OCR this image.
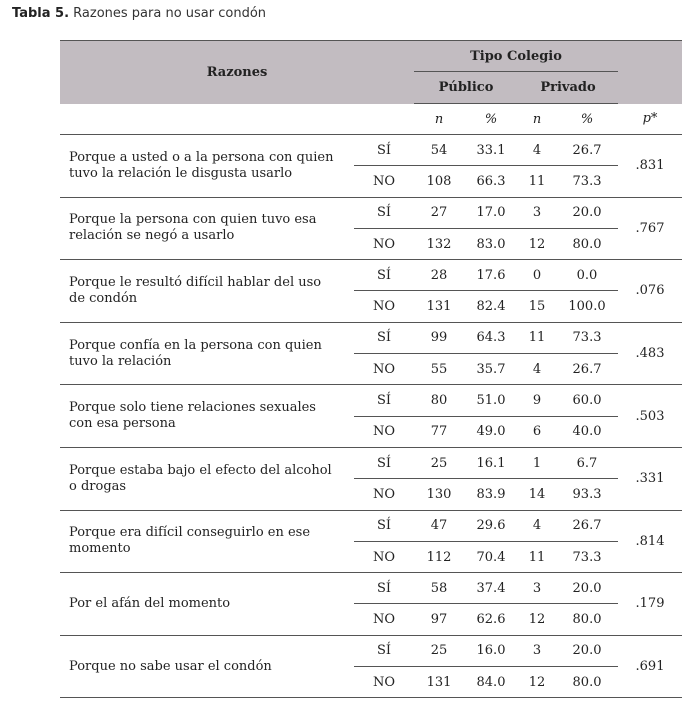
Tabla 5. Razones para no usar condón
Razones		Tipo Colegio				
		Público		Privado		
		n	%	n	%	p*
Porque a usted o a la persona con quien tuvo la relación le disgusta usarlo	SÍ	54	33.1	4	26.7	.831
	NO	108	66.3	11	73.3	
Porque la persona con quien tuvo esa relación se negó a usarlo	SÍ	27	17.0	3	20.0	.767
	NO	132	83.0	12	80.0	
Porque le resultó difícil hablar del uso de condón	SÍ	28	17.6	0	0.0	.076
	NO	131	82.4	15	100.0	
Porque confía en la persona con quien tuvo la relación	SÍ	99	64.3	11	73.3	.483
	NO	55	35.7	4	26.7	
Porque solo tiene relaciones sexuales con esa persona	SÍ	80	51.0	9	60.0	.503
	NO	77	49.0	6	40.0	
Porque estaba bajo el efecto del alcohol o drogas	SÍ	25	16.1	1	6.7	.331
	NO	130	83.9	14	93.3	
Porque era difícil conseguirlo en ese momento	SÍ	47	29.6	4	26.7	.814
	NO	112	70.4	11	73.3	
Por el afán del momento	SÍ	58	37.4	3	20.0	.179
	NO	97	62.6	12	80.0	
Porque no sabe usar el condón	SÍ	25	16.0	3	20.0	.691
	NO	131	84.0	12	80.0	
